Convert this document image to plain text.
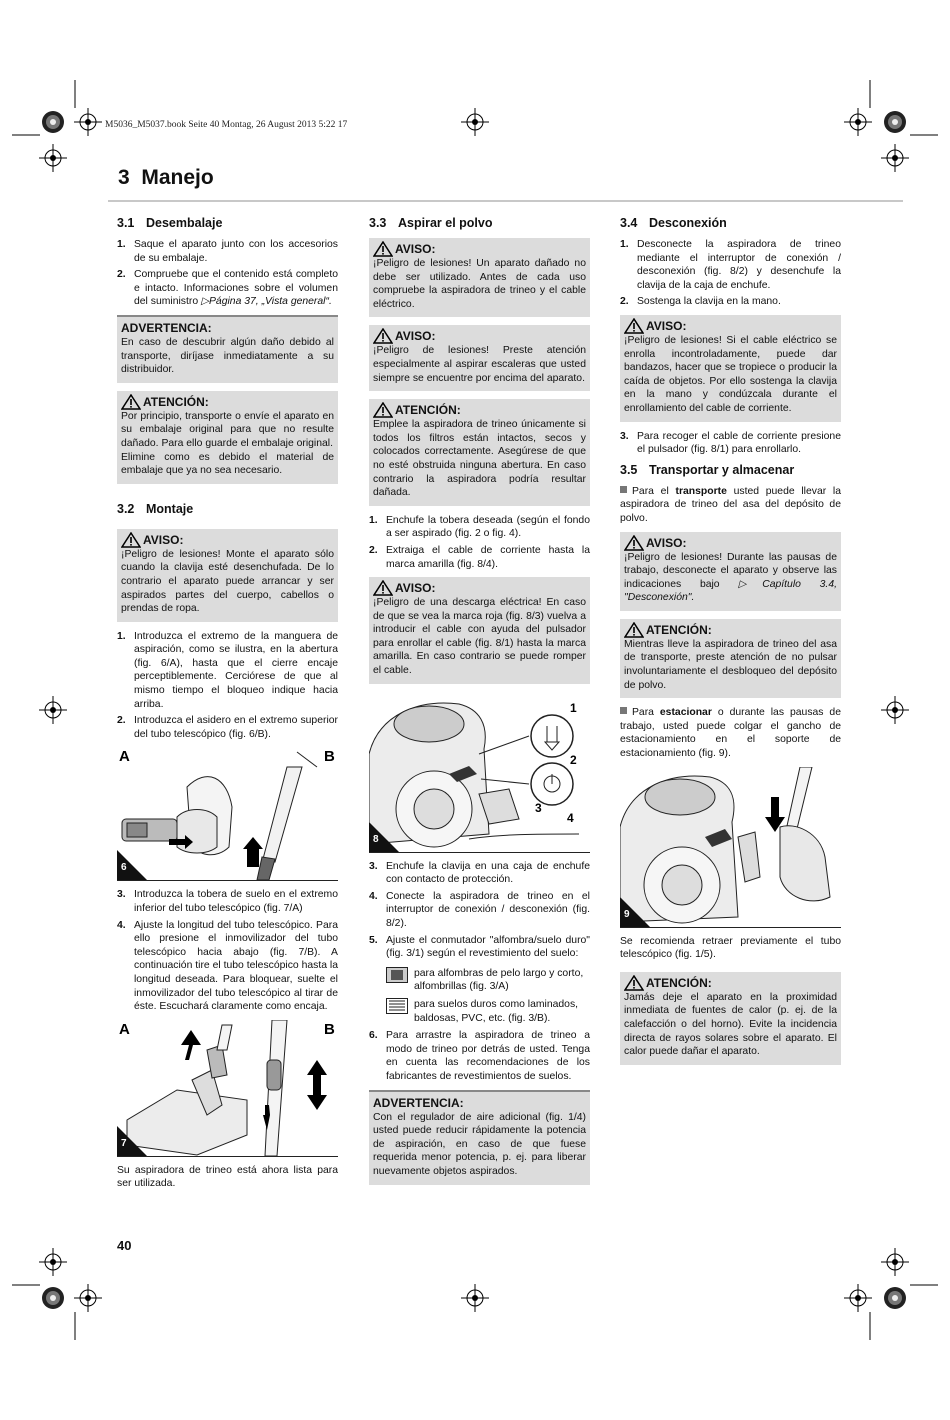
M5036_M5037.book Seite 40 Montag, 26 August 2013 5:22 17
3 Manejo
3.1 Desembalaje
1. Saque el aparato junto con los accesorios de su embalaje.
2. Compruebe que el contenido está completo e intacto. Informaciones sobre el volumen del suministro ▷Página 37, „Vista general“.
ADVERTENCIA:
En caso de descubrir algún daño debido al transporte, diríjase inmediatamente a su distribuidor.
ATENCIÓN:
Por principio, transporte o envíe el aparato en su embalaje original para que no resulte dañado. Para ello guarde el embalaje original.
Elimine como es debido el material de embalaje que ya no sea necesario.
3.2 Montaje
AVISO:
¡Peligro de lesiones! Monte el aparato sólo cuando la clavija esté desenchufada. De lo contrario el aparato puede arrancar y ser aspirados partes del cuerpo, cabellos o prendas de ropa.
1. Introduzca el extremo de la manguera de aspiración, como se ilustra, en la abertura (fig. 6/A), hasta que el cierre encaje perceptiblemente. Cerciórese de que al mismo tiempo el bloqueo indique hacia arriba.
2. Introduzca el asidero en el extremo superior del tubo telescópico (fig. 6/B).
A	B
6
3. Introduzca la tobera de suelo en el extremo inferior del tubo telescópico (fig. 7/A)
4. Ajuste la longitud del tubo telescópico. Para ello presione el inmovilizador del tubo telescópico hacia abajo (fig. 7/B). A continuación tire el tubo telescópico hasta la longitud deseada. Para bloquear, suelte el inmovilizador del tubo telescópico al tirar de éste. Escuchará claramente como encaja.
A	B
7
Su aspiradora de trineo está ahora lista para ser utilizada.
3.3 Aspirar el polvo
AVISO:
¡Peligro de lesiones! Un aparato dañado no debe ser utilizado. Antes de cada uso compruebe la aspiradora de trineo y el cable eléctrico.
AVISO:
¡Peligro de lesiones! Preste atención especialmente al aspirar escaleras que usted siempre se encuentre por encima del aparato.
ATENCIÓN:
Emplee la aspiradora de trineo únicamente si todos los filtros están intactos, secos y colocados correctamente. Asegúrese de que no esté obstruida ninguna abertura. En caso contrario la aspiradora podría resultar dañada.
1. Enchufe la tobera deseada (según el fondo a ser aspirado (fig. 2 o fig. 4).
2. Extraiga el cable de corriente hasta la marca amarilla (fig. 8/4).
AVISO:
¡Peligro de una descarga eléctrica! En caso de que se vea la marca roja (fig. 8/3) vuelva a introducir el cable con ayuda del pulsador para enrollar el cable (fig. 8/1) hasta la marca amarilla. En caso contrario se puede romper el cable.
1
2
3
4
8
3. Enchufe la clavija en una caja de enchufe con contacto de protección.
4. Conecte la aspiradora de trineo en el interruptor de conexión / desconexión (fig. 8/2).
5. Ajuste el conmutador "alfombra/suelo duro" (fig. 3/1) según el revestimiento del suelo:
para alfombras de pelo largo y corto, alfombrillas (fig. 3/A)
para suelos duros como laminados, baldosas, PVC, etc. (fig. 3/B).
6. Para arrastre la aspiradora de trineo a modo de trineo por detrás de usted. Tenga en cuenta las recomendaciones de los fabricantes de revestimientos de suelos.
ADVERTENCIA:
Con el regulador de aire adicional (fig. 1/4) usted puede reducir rápidamente la potencia de aspiración, en caso de que fuese requerida menor potencia, p. ej. para liberar nuevamente objetos aspirados.
3.4 Desconexión
1. Desconecte la aspiradora de trineo mediante el interruptor de conexión / desconexión (fig. 8/2) y desenchufe la clavija de la caja de enchufe.
2. Sostenga la clavija en la mano.
AVISO:
¡Peligro de lesiones! Si el cable eléctrico se enrolla incontroladamente, puede dar bandazos, hacer que se tropiece o producir la caída de objetos. Por ello sostenga la clavija en la mano y condúzcala durante el enrollamiento del cable de corriente.
3. Para recoger el cable de corriente presione el pulsador (fig. 8/1) para enrollarlo.
3.5 Transportar y almacenar
Para el transporte usted puede llevar la aspiradora de trineo del asa del depósito de polvo.
AVISO:
¡Peligro de lesiones! Durante las pausas de trabajo, desconecte el aparato y observe las indicaciones bajo ▷Capítulo 3.4, "Desconexión".
ATENCIÓN:
Mientras lleve la aspiradora de trineo del asa de transporte, preste atención de no pulsar involuntariamente el desbloqueo del depósito de polvo.
Para estacionar o durante las pausas de trabajo, usted puede colgar el gancho de estacionamiento en el soporte de estacionamiento (fig. 9).
9
Se recomienda retraer previamente el tubo telescópico (fig. 1/5).
ATENCIÓN:
Jamás deje el aparato en la proximidad inmediata de fuentes de calor (p. ej. de la calefacción o del horno). Evite la incidencia directa de rayos solares sobre el aparato. El calor puede dañar el aparato.
40
